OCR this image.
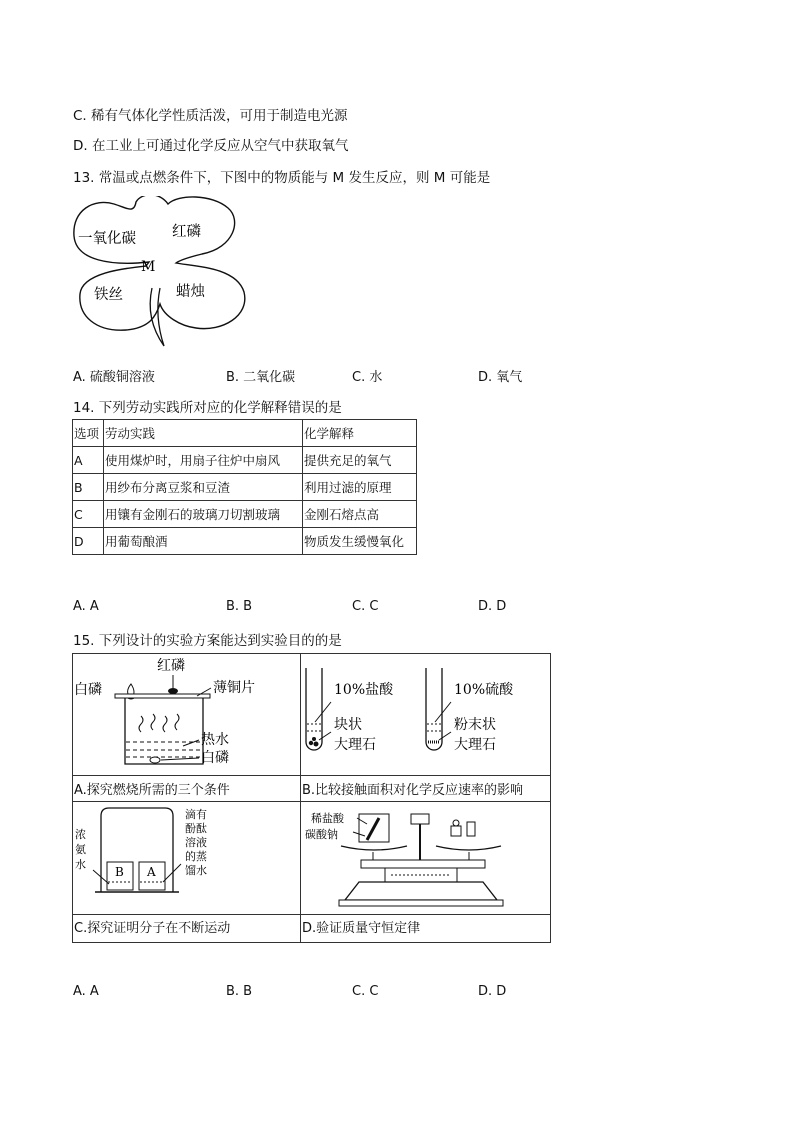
C. 稀有气体化学性质活泼，可用于制造电光源
D. 在工业上可通过化学反应从空气中获取氧气
13. 常温或点燃条件下，下图中的物质能与 M 发生反应，则 M 可能是
一氧化碳 红磷
M
铁丝	蜡烛
A. 硫酸铜溶液	B. 二氧化碳	C. 水	D. 氧气
14. 下列劳动实践所对应的化学解释错误的是
选项	劳动实践	化学解释
A	使用煤炉时，用扇子往炉中扇风	提供充足的氧气
B	用纱布分离豆浆和豆渣	利用过滤的原理
C	用镶有金刚石的玻璃刀切割玻璃	金刚石熔点高
D	用葡萄酿酒	物质发生缓慢氧化
A. A	B. B	C. C	D. D
15. 下列设计的实验方案能达到实验目的的是
红磷
白磷	薄铜片
热水
白磷
A.探究燃烧所需的三个条件
10%盐酸
块状
大理石
10%硫酸
粉末状
大理石
B.比较接触面积对化学反应速率的影响
B A
浓氨水
滴有酚酞溶液的蒸馏水
C.探究证明分子在不断运动
稀盐酸
碳酸钠
D.验证质量守恒定律
A. A	B. B	C. C	D. D
